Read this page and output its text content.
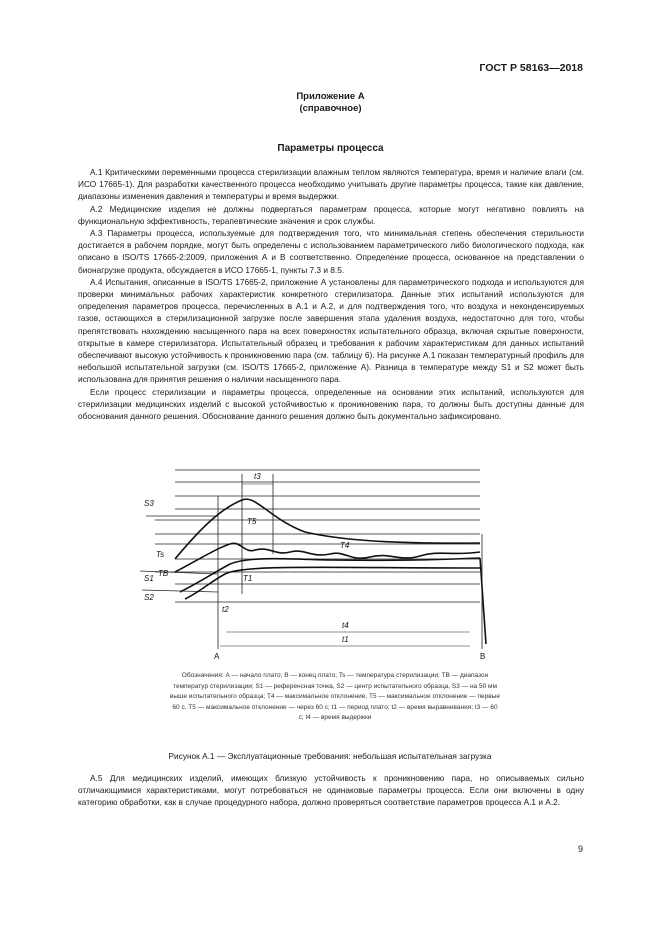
ГОСТ Р 58163—2018
Приложение А
(справочное)
Параметры процесса

А.1 Критическими переменными процесса стерилизации влажным теплом являются температура, время и наличие влаги (см. ИСО 17665-1). Для разработки качественного процесса необходимо учитывать другие параметры процесса, такие как давление, диапазоны изменения давления и температуры и время выдержки.

А.2 Медицинские изделия не должны подвергаться параметрам процесса, которые могут негативно повлиять на функциональную эффективность, терапевтические значения и срок службы.

А.3 Параметры процесса, используемые для подтверждения того, что минимальная степень обеспечения стерильности достигается в рабочем порядке, могут быть определены с использованием параметрического либо биологического подхода, как описано в ISO/TS 17665-2:2009, приложения А и В соответственно. Определение процесса, основанное на представлении о бионагрузке продукта, обсуждается в ИСО 17665-1, пункты 7.3 и 8.5.

А.4 Испытания, описанные в ISO/TS 17665-2, приложение А установлены для параметрического подхода и используются для проверки минимальных рабочих характеристик конкретного стерилизатора. Данные этих испытаний используются для определения параметров процесса, перечисленных в А.1 и А.2, и для подтверждения того, что воздуха и неконденсируемых газов, остающихся в стерилизационной загрузке после завершения этапа удаления воздуха, недостаточно для того, чтобы препятствовать нахождению насыщенного пара на всех поверхностях испытательного образца, включая скрытые поверхности, открытые в камере стерилизатора. Испытательный образец и требования к рабочим характеристикам для данных испытаний обеспечивают высокую устойчивость к проникновению пара (см. таблицу 6). На рисунке А.1 показан температурный профиль для небольшой испытательной загрузки (см. ISO/TS 17665-2, приложение А). Разница в температуре между S1 и S2 может быть использована для принятия решения о наличии насыщенного пара.

Если процесс стерилизации и параметры процесса, определенные на основании этих испытаний, используются для стерилизации медицинских изделий с высокой устойчивостью к проникновению пара, то должны быть доступны данные для обоснования данного решения. Обоснование данного решения должно быть документально зафиксировано.

S3
Ts
TB
S1
S2
T1
T5
T4
t3
t2
t4
t1
A	B
Обозначения: А — начало плато; В — конец плато; Ts — температура стерилизации; TB — диапазон температур стерилизации; S1 — референсная точка, S2 — центр испытательного образца, S3 — на 50 мм выше испытательного образца; T4 — максимальное отклонение, T5 — максимальное отклонение — первые 60 с. T5 — максимальное отклонение — через 60 с; t1 — период плато; t2 — время выравнивания; t3 — 60 с; t4 — время выдержки
Рисунок А.1 — Эксплуатационные требования: небольшая испытательная загрузка

А.5 Для медицинских изделий, имеющих близкую устойчивость к проникновению пара, но описываемых сильно отличающимися характеристиками, могут потребоваться не одинаковые параметры процесса. Если они включены в одну категорию обработки, как в случае процедурного набора, должно проверяться соответствие параметров процесса А.1 и А.2.

9
